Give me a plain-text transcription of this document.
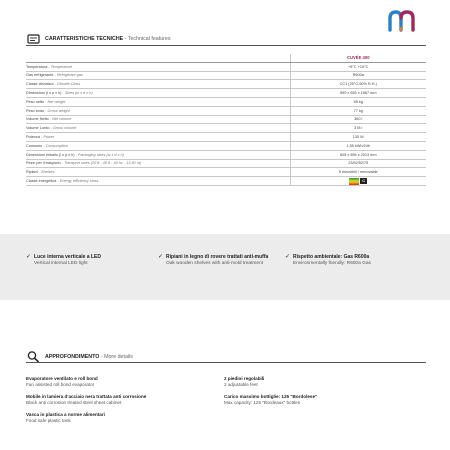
CARATTERISTICHE TECNICHE - Technical features
	CUVÉE 400
Temperatura - Temperature	+5°C +15°C
Gas refrigerante - Refrigerant gas	R600a
Classe climatica - Climate Class	CC1 (25°C-60% R.H.)
Dimensioni (l x p x h) - Sizes (w x d x h)	590 x 653 x 1867 mm
Peso netto - Net weight	65 kg
Peso lordo - Gross weight	77 kg
Volume Netto - Net volume	360 l
Volume Lordo - Gross volume	378 l
Potenza - Power	135 W
Consumo - Consumption	1,55 kWh/24h
Dimensioni imballo (l x p x h) - Packaging sizes (w x d x h)	605 x 655 x 2013 mm
Pezzi per il trasporto - Transport sizes (20 ft - 40 ft - 40 hc - 13,60 m)	23/52/52/75
Ripiani - Shelves	5 rimovibili / removable
Classe energetica - Energy efficiency class	C
✓ Luce interna verticale a LED
Vertical internal LED light
✓ Ripiani in legno di rovere trattati anti-muffa
Oak wooden shelves with anti-mold treatment
✓ Rispetto ambientale: Gas R600a
Environmentally friendly: R600a Gas
APPROFONDIMENTO - More details
Evaporatore ventilato e roll bond
Fan assisted roll bond evaporator
2 piedini regolabili
2 adjustable feet
Mobile in lamiera d'acciaio nera trattata anti corrosione
Black anti corrosion treated steel sheet cabinet
Carico massimo bottiglie: 125 "Bordolese"
Max capacity: 125 "Bordeaux" bottles
Vasca in plastica a norme alimentari
Food safe plastic tank
